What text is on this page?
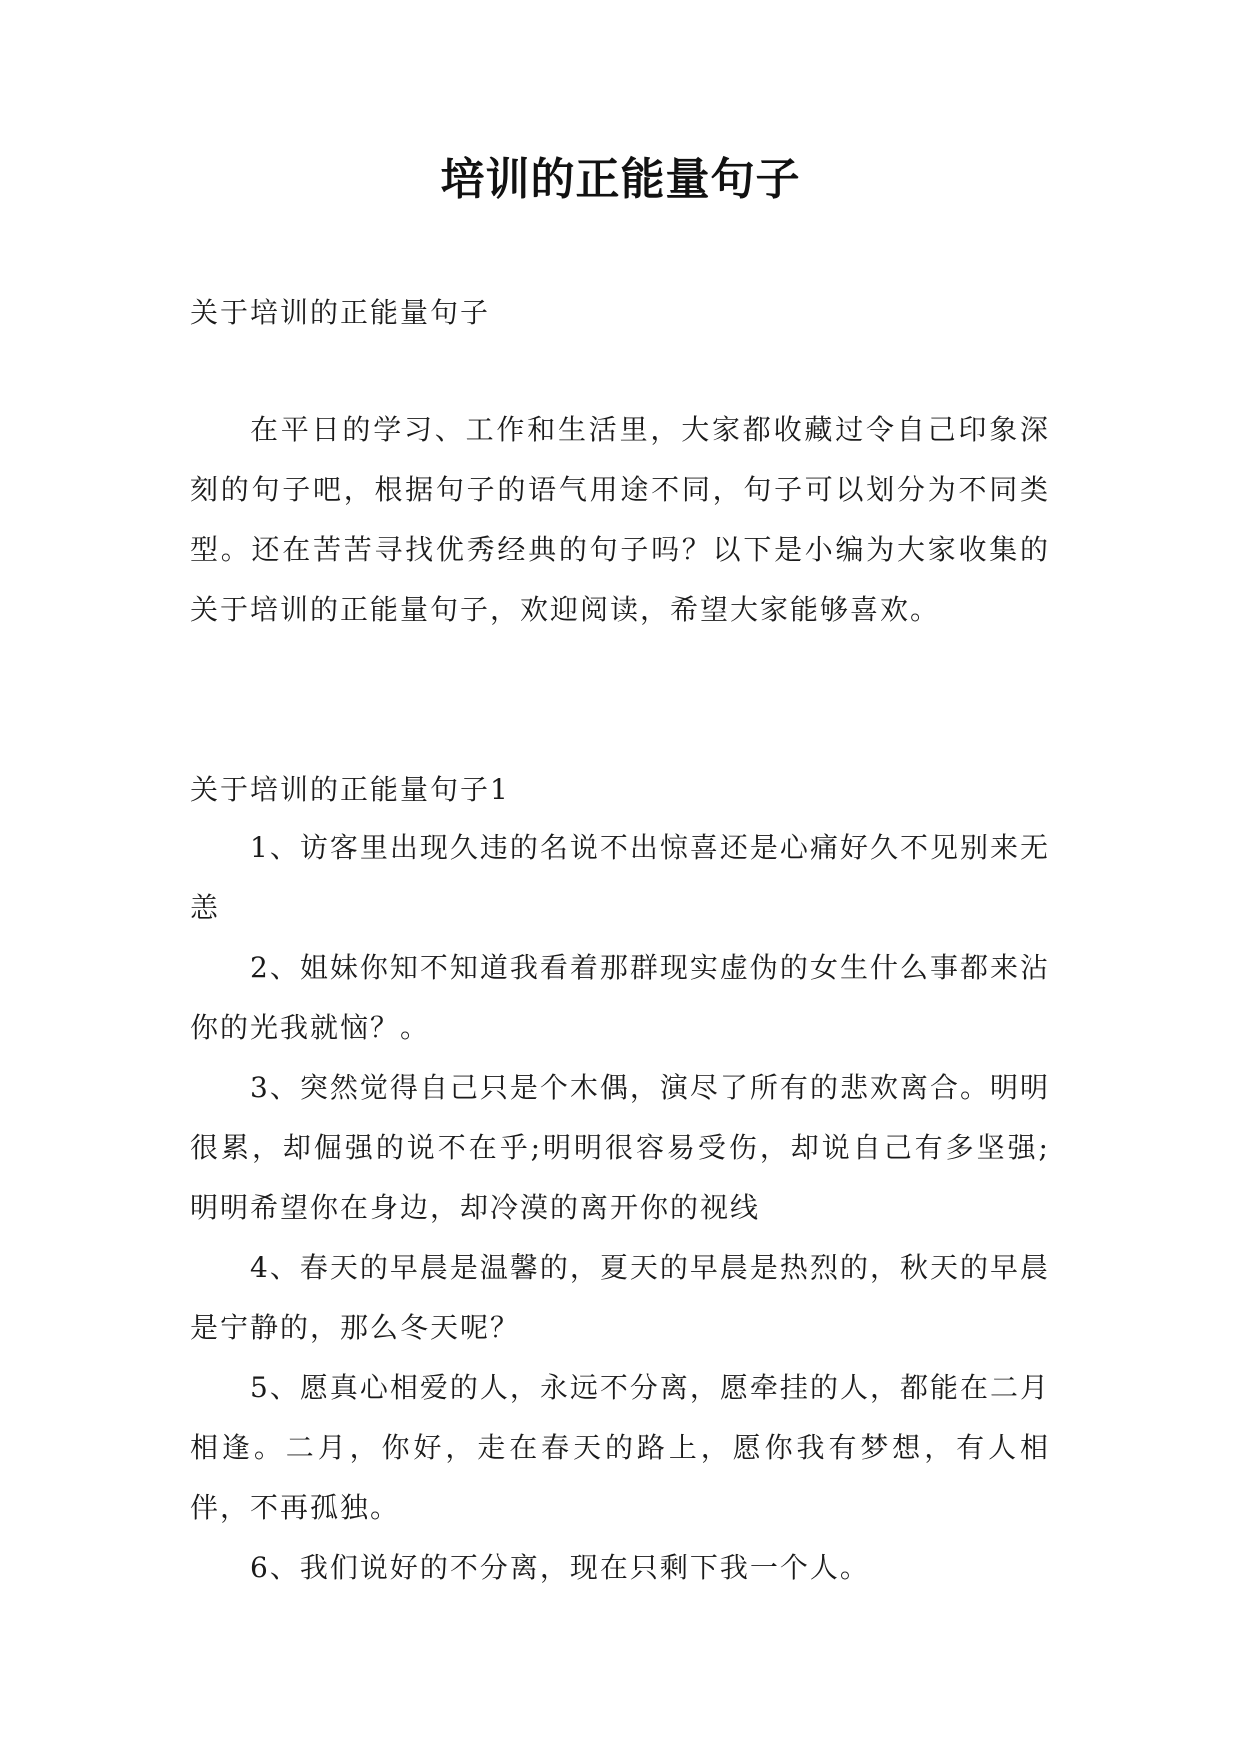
培训的正能量句子
关于培训的正能量句子
在平日的学习、工作和生活里，大家都收藏过令自己印象深刻的句子吧，根据句子的语气用途不同，句子可以划分为不同类型。还在苦苦寻找优秀经典的句子吗？以下是小编为大家收集的关于培训的正能量句子，欢迎阅读，希望大家能够喜欢。
关于培训的正能量句子1

1、访客里出现久违的名说不出惊喜还是心痛好久不见别来无恙

2、姐妹你知不知道我看着那群现实虚伪的女生什么事都来沾你的光我就恼？。

3、突然觉得自己只是个木偶，演尽了所有的悲欢离合。明明很累，却倔强的说不在乎;明明很容易受伤，却说自己有多坚强;明明希望你在身边，却冷漠的离开你的视线

4、春天的早晨是温馨的，夏天的早晨是热烈的，秋天的早晨是宁静的，那么冬天呢？

5、愿真心相爱的人，永远不分离，愿牵挂的人，都能在二月相逢。二月，你好，走在春天的路上，愿你我有梦想，有人相伴，不再孤独。

6、我们说好的不分离，现在只剩下我一个人。
